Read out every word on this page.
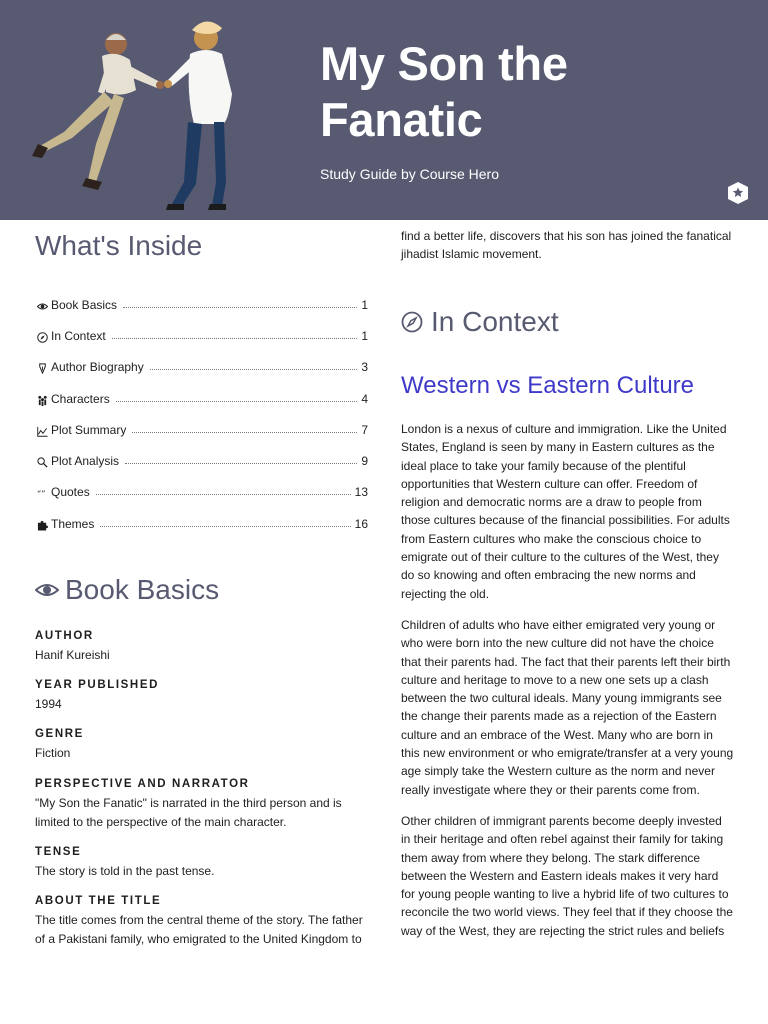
My Son the
Fanatic
Study Guide by Course Hero
What's Inside
Book Basics	1
In Context	1
Author Biography	3
Characters	4
Plot Summary	7
Plot Analysis	9
“” Quotes	13
Themes	16
Book Basics
AUTHOR
Hanif Kureishi
YEAR PUBLISHED
1994
GENRE
Fiction
PERSPECTIVE AND NARRATOR
"My Son the Fanatic" is narrated in the third person and is limited to the perspective of the main character.
TENSE
The story is told in the past tense.
ABOUT THE TITLE
The title comes from the central theme of the story. The father of a Pakistani family, who emigrated to the United Kingdom to
find a better life, discovers that his son has joined the fanatical jihadist Islamic movement.
In Context
Western vs Eastern Culture
London is a nexus of culture and immigration. Like the United States, England is seen by many in Eastern cultures as the ideal place to take your family because of the plentiful opportunities that Western culture can offer. Freedom of religion and democratic norms are a draw to people from those cultures because of the financial possibilities. For adults from Eastern cultures who make the conscious choice to emigrate out of their culture to the cultures of the West, they do so knowing and often embracing the new norms and rejecting the old.
Children of adults who have either emigrated very young or who were born into the new culture did not have the choice that their parents had. The fact that their parents left their birth culture and heritage to move to a new one sets up a clash between the two cultural ideals. Many young immigrants see the change their parents made as a rejection of the Eastern culture and an embrace of the West. Many who are born in this new environment or who emigrate/transfer at a very young age simply take the Western culture as the norm and never really investigate where they or their parents come from.
Other children of immigrant parents become deeply invested in their heritage and often rebel against their family for taking them away from where they belong. The stark difference between the Western and Eastern ideals makes it very hard for young people wanting to live a hybrid life of two cultures to reconcile the two world views. They feel that if they choose the way of the West, they are rejecting the strict rules and beliefs
